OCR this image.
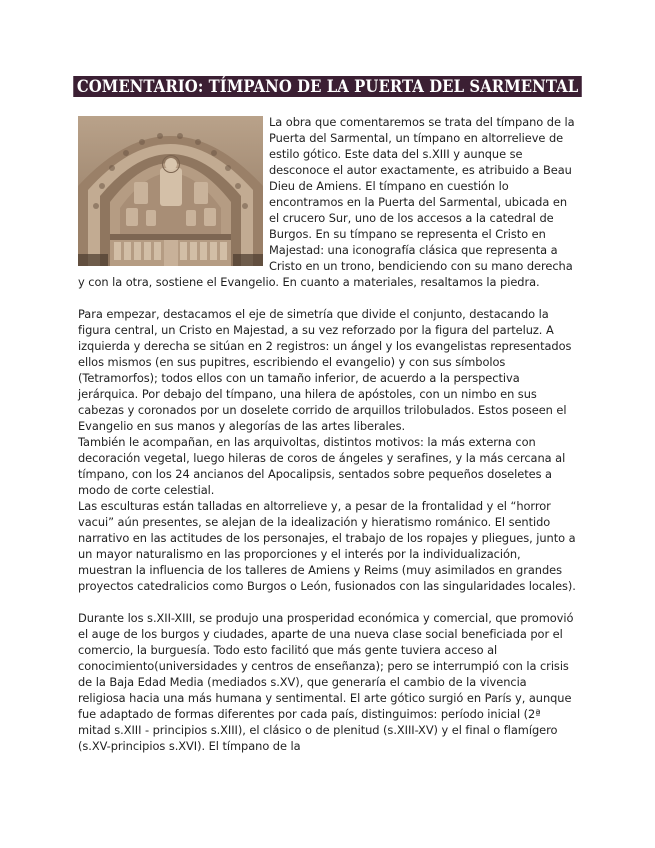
COMENTARIO: TÍMPANO DE LA PUERTA DEL SARMENTAL

La obra que comentaremos se trata del tímpano de la Puerta del Sarmental, un tímpano en altorrelieve de estilo gótico. Este data del s.XIII y aunque se desconoce el autor exactamente, es atribuido a Beau Dieu de Amiens. El tímpano en cuestión lo encontramos en la Puerta del Sarmental, ubicada en el crucero Sur, uno de los accesos a la catedral de Burgos. En su tímpano se representa el Cristo en Majestad: una iconografía clásica que representa a Cristo en un trono, bendiciendo con su mano derecha y con la otra, sostiene el Evangelio. En cuanto a materiales, resaltamos la piedra.

Para empezar, destacamos el eje de simetría que divide el conjunto, destacando la figura central, un Cristo en Majestad, a su vez reforzado por la figura del parteluz. A izquierda y derecha se sitúan en 2 registros: un ángel y los evangelistas representados ellos mismos (en sus pupitres, escribiendo el evangelio) y con sus símbolos (Tetramorfos); todos ellos con un tamaño inferior, de acuerdo a la perspectiva jerárquica. Por debajo del tímpano, una hilera de apóstoles, con un nimbo en sus cabezas y coronados por un doselete corrido de arquillos trilobulados. Estos poseen el Evangelio en sus manos y alegorías de las artes liberales.

También le acompañan, en las arquivoltas, distintos motivos: la más externa con decoración vegetal, luego hileras de coros de ángeles y serafines, y la más cercana al tímpano, con los 24 ancianos del Apocalipsis, sentados sobre pequeños doseletes a modo de corte celestial.

Las esculturas están talladas en altorrelieve y, a pesar de la frontalidad y el “horror vacui” aún presentes, se alejan de la idealización y hieratismo románico. El sentido narrativo en las actitudes de los personajes, el trabajo de los ropajes y pliegues, junto a un mayor naturalismo en las proporciones y el interés por la individualización, muestran la influencia de los talleres de Amiens y Reims (muy asimilados en grandes proyectos catedralicios como Burgos o León, fusionados con las singularidades locales).

Durante los s.XII-XIII, se produjo una prosperidad económica y comercial, que promovió el auge de los burgos y ciudades, aparte de una nueva clase social beneficiada por el comercio, la burguesía. Todo esto facilitó que más gente tuviera acceso al conocimiento(universidades y centros de enseñanza); pero se interrumpió con la crisis de la Baja Edad Media (mediados s.XV), que generaría el cambio de la vivencia religiosa hacia una más humana y sentimental. El arte gótico surgió en París y, aunque fue adaptado de formas diferentes por cada país, distinguimos: período inicial (2ª mitad s.XIII - principios s.XIII), el clásico o de plenitud (s.XIII-XV) y el final o flamígero (s.XV-principios s.XVI). El tímpano de la
